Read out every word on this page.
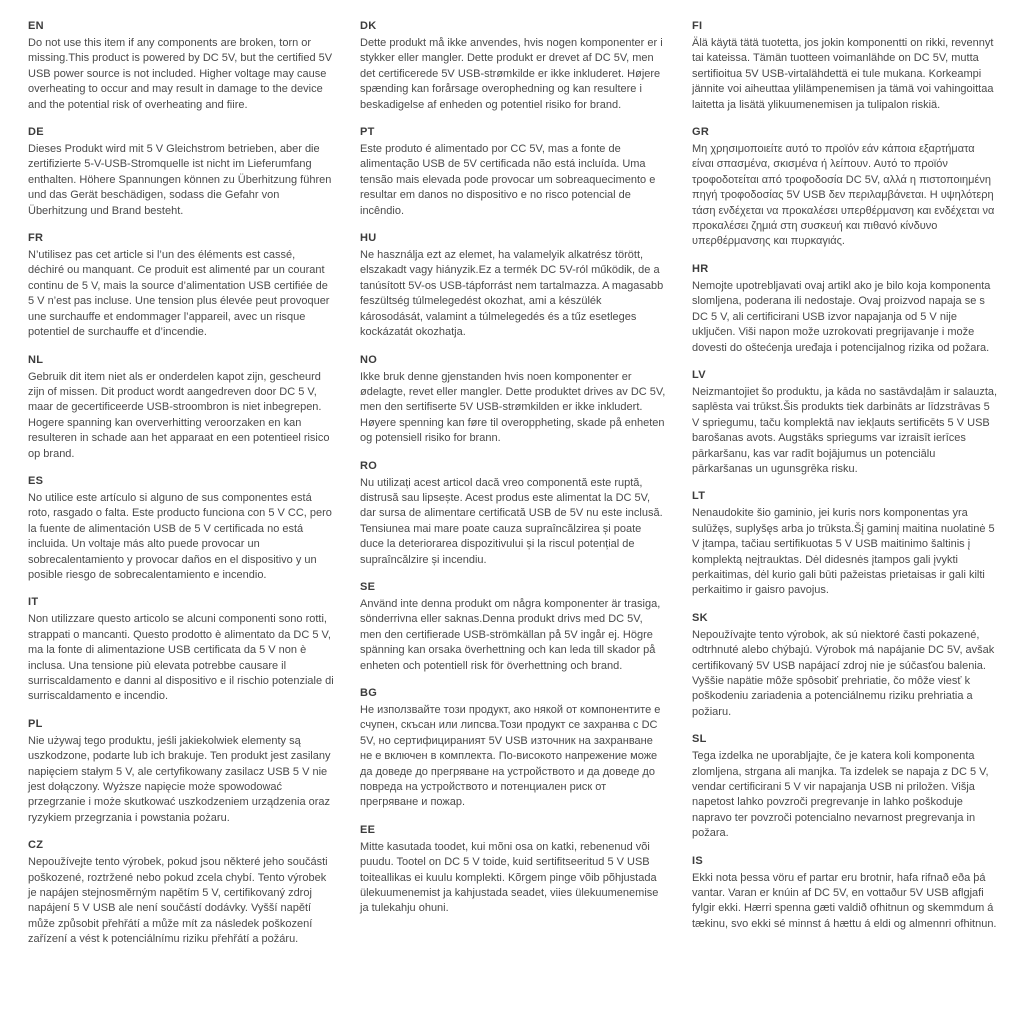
EN

Do not use this item if any components are broken, torn or missing.This product is powered by DC 5V, but the certified 5V USB power source is not included. Higher voltage may cause overheating to occur and may result in damage to the device and the potential risk of overheating and fiire.

DE

Dieses Produkt wird mit 5 V Gleichstrom betrieben, aber die zertifizierte 5-V-USB-Stromquelle ist nicht im Lieferumfang enthalten. Höhere Spannungen können zu Überhitzung führen und das Gerät beschädigen, sodass die Gefahr von Überhitzung und Brand besteht.

FR

N’utilisez pas cet article si l’un des éléments est cassé, déchiré ou manquant. Ce produit est alimenté par un courant continu de 5 V, mais la source d’alimentation USB certifiée de 5 V n’est pas incluse. Une tension plus élevée peut provoquer une surchauffe et endommager l’appareil, avec un risque potentiel de surchauffe et d’incendie.

NL

Gebruik dit item niet als er onderdelen kapot zijn, gescheurd zijn of missen. Dit product wordt aangedreven door DC 5 V, maar de gecertificeerde USB-stroombron is niet inbegrepen. Hogere spanning kan oververhitting veroorzaken en kan resulteren in schade aan het apparaat en een potentieel risico op brand.

ES

No utilice este artículo si alguno de sus componentes está roto, rasgado o falta. Este producto funciona con 5 V CC, pero la fuente de alimentación USB de 5 V certificada no está incluida. Un voltaje más alto puede provocar un sobrecalentamiento y provocar daños en el dispositivo y un posible riesgo de sobrecalentamiento e incendio.

IT

Non utilizzare questo articolo se alcuni componenti sono rotti, strappati o mancanti. Questo prodotto è alimentato da DC 5 V, ma la fonte di alimentazione USB certificata da 5 V non è inclusa. Una tensione più elevata potrebbe causare il surriscaldamento e danni al dispositivo e il rischio potenziale di surriscaldamento e incendio.

PL

Nie używaj tego produktu, jeśli jakiekolwiek elementy są uszkodzone, podarte lub ich brakuje. Ten produkt jest zasilany napięciem stałym 5 V, ale certyfikowany zasilacz USB 5 V nie jest dołączony. Wyższe napięcie może spowodować przegrzanie i może skutkować uszkodzeniem urządzenia oraz ryzykiem przegrzania i powstania pożaru.

CZ

Nepoužívejte tento výrobek, pokud jsou některé jeho součásti poškozené, roztržené nebo pokud zcela chybí. Tento výrobek je napájen stejnosměrným napětím 5 V, certifikovaný zdroj napájení 5 V USB ale není součástí dodávky. Vyšší napětí může způsobit přehřátí a může mít za následek poškození zařízení a vést k potenciálnímu riziku přehřátí a požáru.

DK

Dette produkt må ikke anvendes, hvis nogen komponenter er i stykker eller mangler. Dette produkt er drevet af DC 5V, men det certificerede 5V USB-strømkilde er ikke inkluderet. Højere spænding kan forårsage overophedning og kan resultere i beskadigelse af enheden og potentiel risiko for brand.

PT

Este produto é alimentado por CC 5V, mas a fonte de alimentação USB de 5V certificada não está incluída. Uma tensão mais elevada pode provocar um sobreaquecimento e resultar em danos no dispositivo e no risco potencial de incêndio.

HU

Ne használja ezt az elemet, ha valamelyik alkatrész törött, elszakadt vagy hiányzik.Ez a termék DC 5V-ról működik, de a tanúsított 5V-os USB-tápforrást nem tartalmazza. A magasabb feszültség túlmelegedést okozhat, ami a készülék károsodását, valamint a túlmelegedés és a tűz esetleges kockázatát okozhatja.

NO

Ikke bruk denne gjenstanden hvis noen komponenter er ødelagte, revet eller mangler. Dette produktet drives av DC 5V, men den sertifiserte 5V USB-strømkilden er ikke inkludert. Høyere spenning kan føre til overoppheting, skade på enheten og potensiell risiko for brann.

RO

Nu utilizați acest articol dacă vreo componentă este ruptă, distrusă sau lipsește. Acest produs este alimentat la DC 5V, dar sursa de alimentare certificată USB de 5V nu este inclusă. Tensiunea mai mare poate cauza supraîncălzirea și poate duce la deteriorarea dispozitivului și la riscul potențial de supraîncălzire și incendiu.

SE

Använd inte denna produkt om några komponenter är trasiga, sönderrivna eller saknas.Denna produkt drivs med DC 5V, men den certifierade USB-strömkällan på 5V ingår ej. Högre spänning kan orsaka överhettning och kan leda till skador på enheten och potentiell risk för överhettning och brand.

BG

Не използвайте този продукт, ако някой от компонентите е счупен, скъсан или липсва.Този продукт се захранва с DC 5V, но сертифицираният 5V USB източник на захранване не е включен в комплекта. По-високото напрежение може да доведе до прегряване на устройството и да доведе до повреда на устройството и потенциален риск от прегряване и пожар.

EE

Mitte kasutada toodet, kui mõni osa on katki, rebenenud või puudu. Tootel on DC 5 V toide, kuid sertifitseeritud 5 V USB toiteallikas ei kuulu komplekti. Kõrgem pinge võib põhjustada ülekuumenemist ja kahjustada seadet, viies ülekuumenemise ja tulekahju ohuni.

FI

Älä käytä tätä tuotetta, jos jokin komponentti on rikki, revennyt tai kateissa. Tämän tuotteen voimanlähde on DC 5V, mutta sertifioitua 5V USB-virtalähdettä ei tule mukana. Korkeampi jännite voi aiheuttaa ylilämpenemisen ja tämä voi vahingoittaa laitetta ja lisätä ylikuumenemisen ja tulipalon riskiä.

GR

Μη χρησιμοποιείτε αυτό το προϊόν εάν κάποια εξαρτήματα είναι σπασμένα, σκισμένα ή λείπουν. Αυτό το προϊόν τροφοδοτείται από τροφοδοσία DC 5V, αλλά η πιστοποιημένη πηγή τροφοδοσίας 5V USB δεν περιλαμβάνεται. Η υψηλότερη τάση ενδέχεται να προκαλέσει υπερθέρμανση και ενδέχεται να προκαλέσει ζημιά στη συσκευή και πιθανό κίνδυνο υπερθέρμανσης και πυρκαγιάς.

HR

Nemojte upotrebljavati ovaj artikl ako je bilo koja komponenta slomljena, poderana ili nedostaje. Ovaj proizvod napaja se s DC 5 V, ali certificirani USB izvor napajanja od 5 V nije uključen. Viši napon može uzrokovati pregrijavanje i može dovesti do oštećenja uređaja i potencijalnog rizika od požara.

LV

Neizmantojiet šo produktu, ja kāda no sastāvdaļām ir salauzta, saplēsta vai trūkst.Šis produkts tiek darbināts ar līdzstrāvas 5 V spriegumu, taču komplektā nav iekļauts sertificēts 5 V USB barošanas avots. Augstāks spriegums var izraisīt ierīces pārkaršanu, kas var radīt bojājumus un potenciālu pārkaršanas un ugunsgrēka risku.

LT

Nenaudokite šio gaminio, jei kuris nors komponentas yra sulūžęs, suplyšęs arba jo trūksta.Šį gaminį maitina nuolatinė 5 V įtampa, tačiau sertifikuotas 5 V USB maitinimo šaltinis į komplektą neįtrauktas. Dėl didesnės įtampos gali įvykti perkaitimas, dėl kurio gali būti pažeistas prietaisas ir gali kilti perkaitimo ir gaisro pavojus.

SK

Nepoužívajte tento výrobok, ak sú niektoré časti pokazené, odtrhnuté alebo chýbajú. Výrobok má napájanie DC 5V, avšak certifikovaný 5V USB napájací zdroj nie je súčasťou balenia. Vyššie napätie môže spôsobiť prehriatie, čo môže viesť k poškodeniu zariadenia a potenciálnemu riziku prehriatia a požiaru.

SL

Tega izdelka ne uporabljajte, če je katera koli komponenta zlomljena, strgana ali manjka. Ta izdelek se napaja z DC 5 V, vendar certificirani 5 V vir napajanja USB ni priložen. Višja napetost lahko povzroči pregrevanje in lahko poškoduje napravo ter povzroči potencialno nevarnost pregrevanja in požara.

IS

Ekki nota þessa vöru ef partar eru brotnir, hafa rifnað eða þá vantar. Varan er knúin af DC 5V, en vottaður 5V USB aflgjafi fylgir ekki. Hærri spenna gæti valdið ofhitnun og skemmdum á tækinu, svo ekki sé minnst á hættu á eldi og almennri ofhitnun.
